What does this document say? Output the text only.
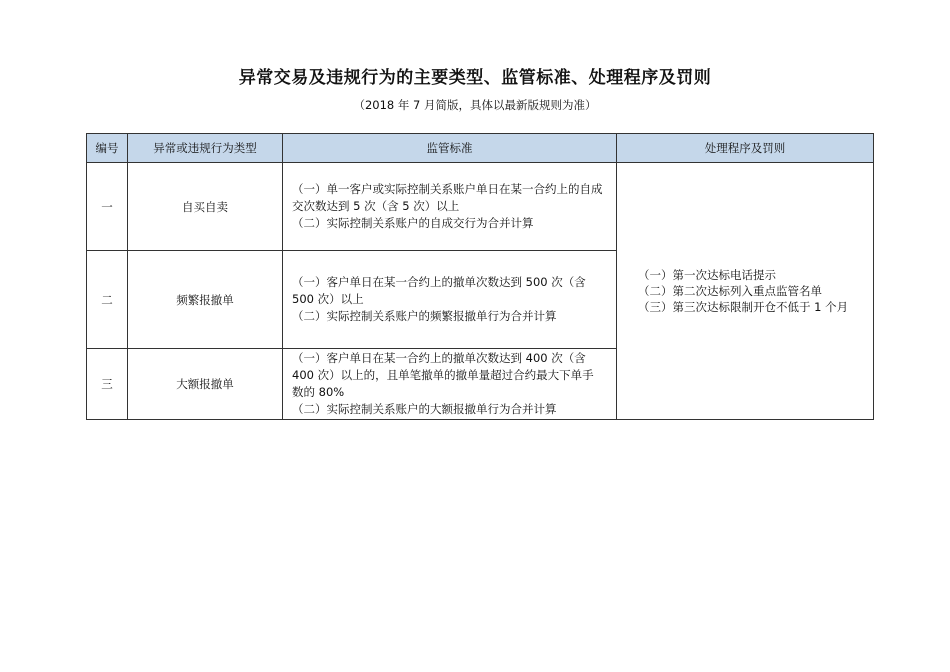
异常交易及违规行为的主要类型、监管标准、处理程序及罚则
（2018 年 7 月简版，具体以最新版规则为准）
编号	异常或违规行为类型	监管标准	处理程序及罚则
一	自买自卖	（一）单一客户或实际控制关系账户单日在某一合约上的自成交次数达到 5 次（含 5 次）以上
（二）实际控制关系账户的自成交行为合并计算	（一）第一次达标电话提示
（二）第二次达标列入重点监管名单
（三）第三次达标限制开仓不低于 1 个月

二	频繁报撤单	（一）客户单日在某一合约上的撤单次数达到 500 次（含 500 次）以上
（二）实际控制关系账户的频繁报撤单行为合并计算	

三	大额报撤单	（一）客户单日在某一合约上的撤单次数达到 400 次（含 400 次）以上的，且单笔撤单的撤单量超过合约最大下单手数的 80%
（二）实际控制关系账户的大额报撤单行为合并计算	
